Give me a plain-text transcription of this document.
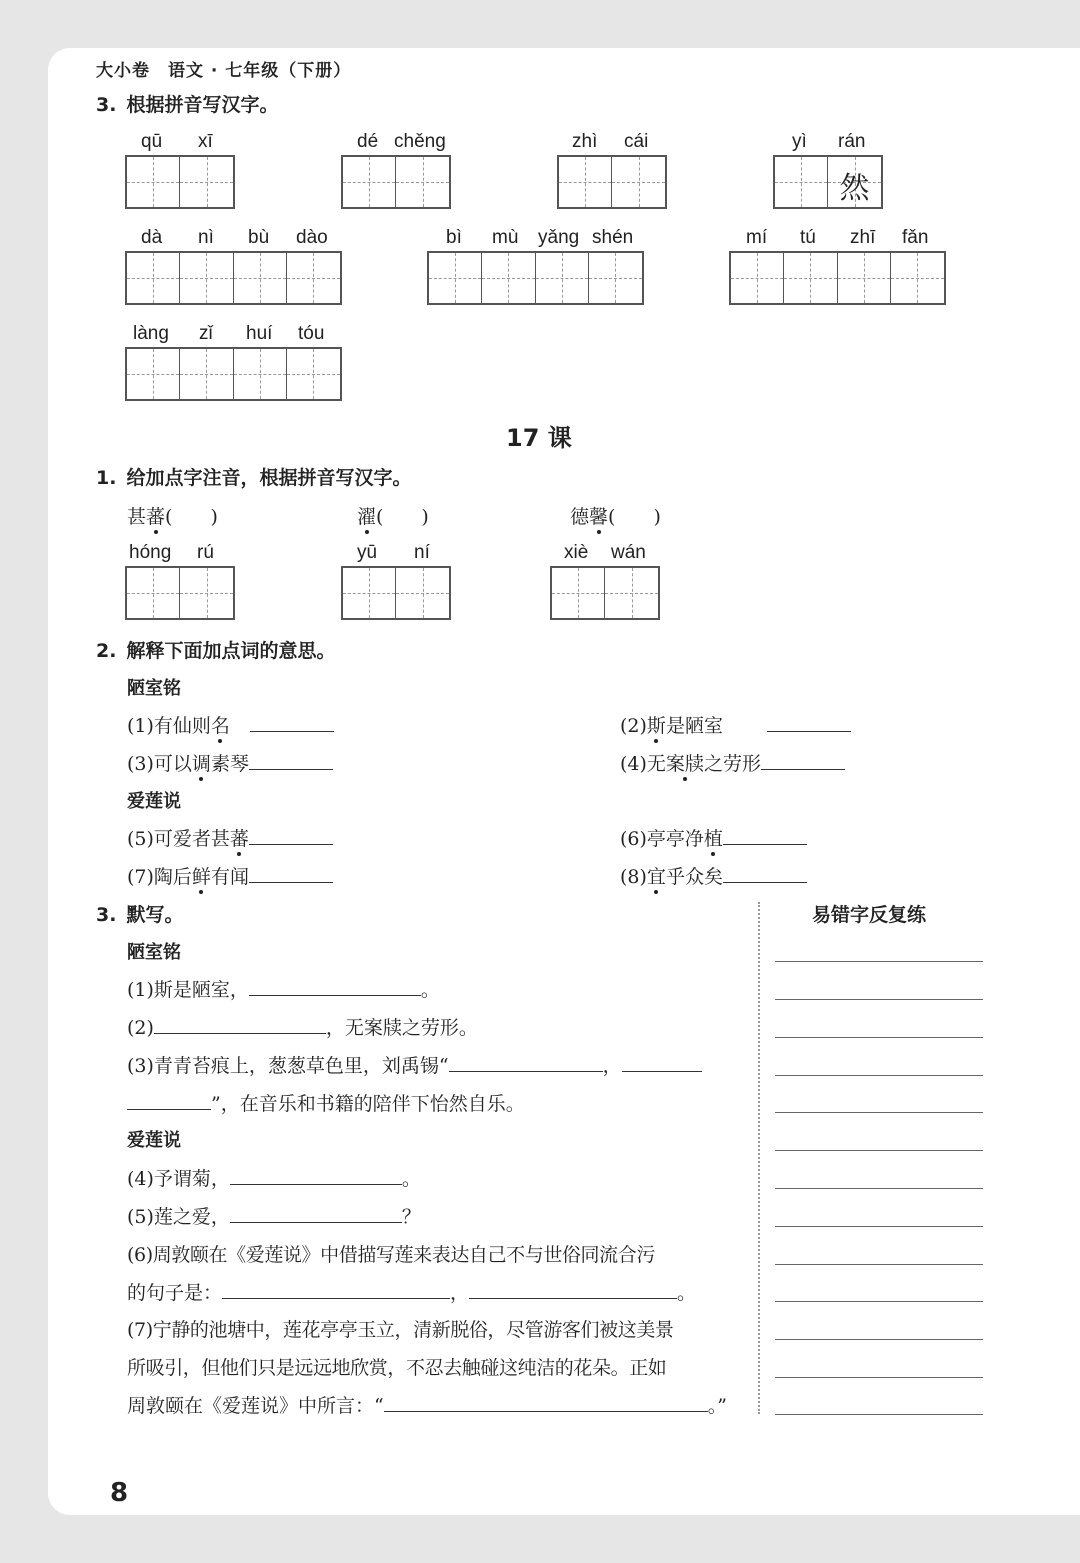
大小卷　语文 · 七年级（下册）
3. 根据拼音写汉字。
qū xī	dé chěng	zhì cái	yì rán
然
dà nì bù dào	bì mù yǎng shén	mí tú zhī fǎn
làng zǐ huí tóu
17 课
1. 给加点字注音，根据拼音写汉字。
甚蕃(　　)	濯(　　)	德馨(　　)
hóng rú	yū ní	xiè wán
2. 解释下面加点词的意思。
陋室铭
(1)有仙则名	(2)斯是陋室
(3)可以调素琴	(4)无案牍之劳形
爱莲说
(5)可爱者甚蕃	(6)亭亭净植
(7)陶后鲜有闻	(8)宜乎众矣
3. 默写。
陋室铭
(1)斯是陋室，	。
(2)	，无案牍之劳形。
(3)青青苔痕上，葱葱草色里，刘禹锡“	，
”，在音乐和书籍的陪伴下怡然自乐。
爱莲说
(4)予谓菊，	。
(5)莲之爱，	？
(6)周敦颐在《爱莲说》中借描写莲来表达自己不与世俗同流合污
的句子是：	，	。
(7)宁静的池塘中，莲花亭亭玉立，清新脱俗，尽管游客们被这美景
所吸引，但他们只是远远地欣赏，不忍去触碰这纯洁的花朵。正如
周敦颐在《爱莲说》中所言：“	。”
易错字反复练
8
